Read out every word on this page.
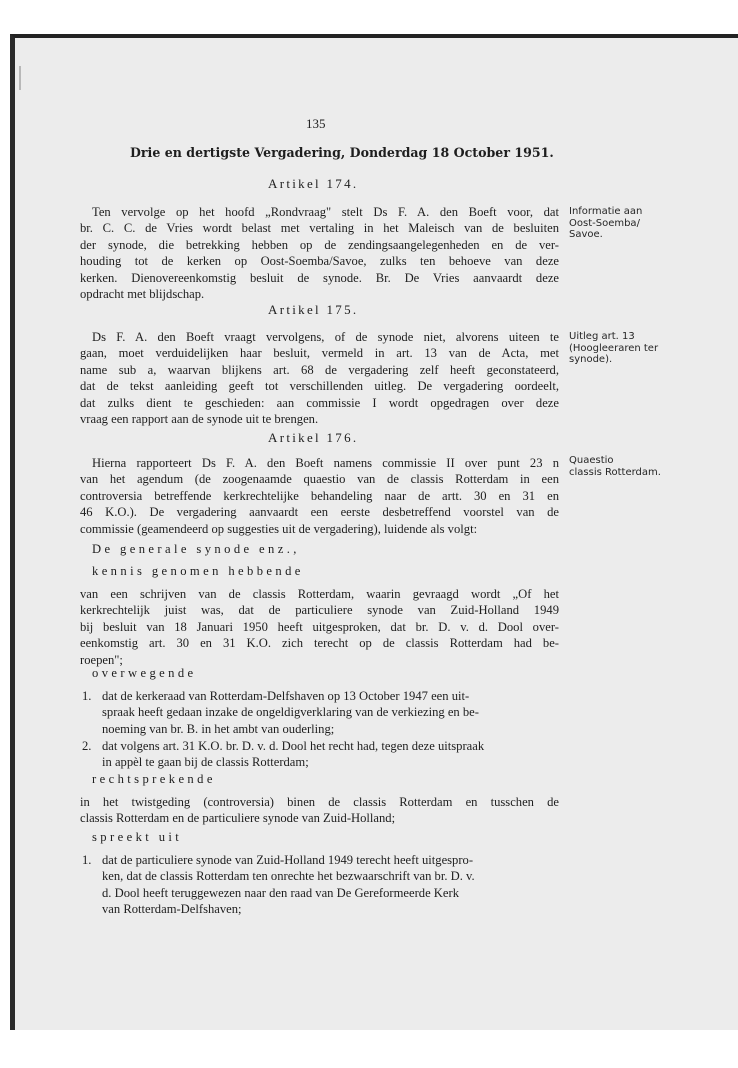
135
Drie en dertigste Vergadering, Donderdag 18 October 1951.
Artikel 174.
Ten vervolge op het hoofd „Rondvraag" stelt Ds F. A. den Boeft voor, dat
br. C. C. de Vries wordt belast met vertaling in het Maleisch van de besluiten
der synode, die betrekking hebben op de zendingsaangelegenheden en de ver-
houding tot de kerken op Oost-Soemba/Savoe, zulks ten behoeve van deze
kerken. Dienovereenkomstig besluit de synode. Br. De Vries aanvaardt deze
opdracht met blijdschap.
Informatie aan
Oost-Soemba/
Savoe.
Artikel 175.
Ds F. A. den Boeft vraagt vervolgens, of de synode niet, alvorens uiteen te
gaan, moet verduidelijken haar besluit, vermeld in art. 13 van de Acta, met
name sub a, waarvan blijkens art. 68 de vergadering zelf heeft geconstateerd,
dat de tekst aanleiding geeft tot verschillenden uitleg. De vergadering oordeelt,
dat zulks dient te geschieden: aan commissie I wordt opgedragen over deze
vraag een rapport aan de synode uit te brengen.
Uitleg art. 13
(Hoogleeraren ter
synode).
Artikel 176.
Hierna rapporteert Ds F. A. den Boeft namens commissie II over punt 23 n
van het agendum (de zoogenaamde quaestio van de classis Rotterdam in een
controversia betreffende kerkrechtelijke behandeling naar de artt. 30 en 31 en
46 K.O.). De vergadering aanvaardt een eerste desbetreffend voorstel van de
commissie (geamendeerd op suggesties uit de vergadering), luidende als volgt:
Quaestio
classis Rotterdam.
De generale synode enz.,
kennis genomen hebbende
van een schrijven van de classis Rotterdam, waarin gevraagd wordt „Of het
kerkrechtelijk juist was, dat de particuliere synode van Zuid-Holland 1949
bij besluit van 18 Januari 1950 heeft uitgesproken, dat br. D. v. d. Dool over-
eenkomstig art. 30 en 31 K.O. zich terecht op de classis Rotterdam had be-
roepen";
overwegende
1. dat de kerkeraad van Rotterdam-Delfshaven op 13 October 1947 een uit-
spraak heeft gedaan inzake de ongeldigverklaring van de verkiezing en be-
noeming van br. B. in het ambt van ouderling;
2. dat volgens art. 31 K.O. br. D. v. d. Dool het recht had, tegen deze uitspraak
in appèl te gaan bij de classis Rotterdam;
rechtsprekende
in het twistgeding (controversia) binen de classis Rotterdam en tusschen de
classis Rotterdam en de particuliere synode van Zuid-Holland;
spreekt uit
1. dat de particuliere synode van Zuid-Holland 1949 terecht heeft uitgespro-
ken, dat de classis Rotterdam ten onrechte het bezwaarschrift van br. D. v.
d. Dool heeft teruggewezen naar den raad van De Gereformeerde Kerk
van Rotterdam-Delfshaven;
